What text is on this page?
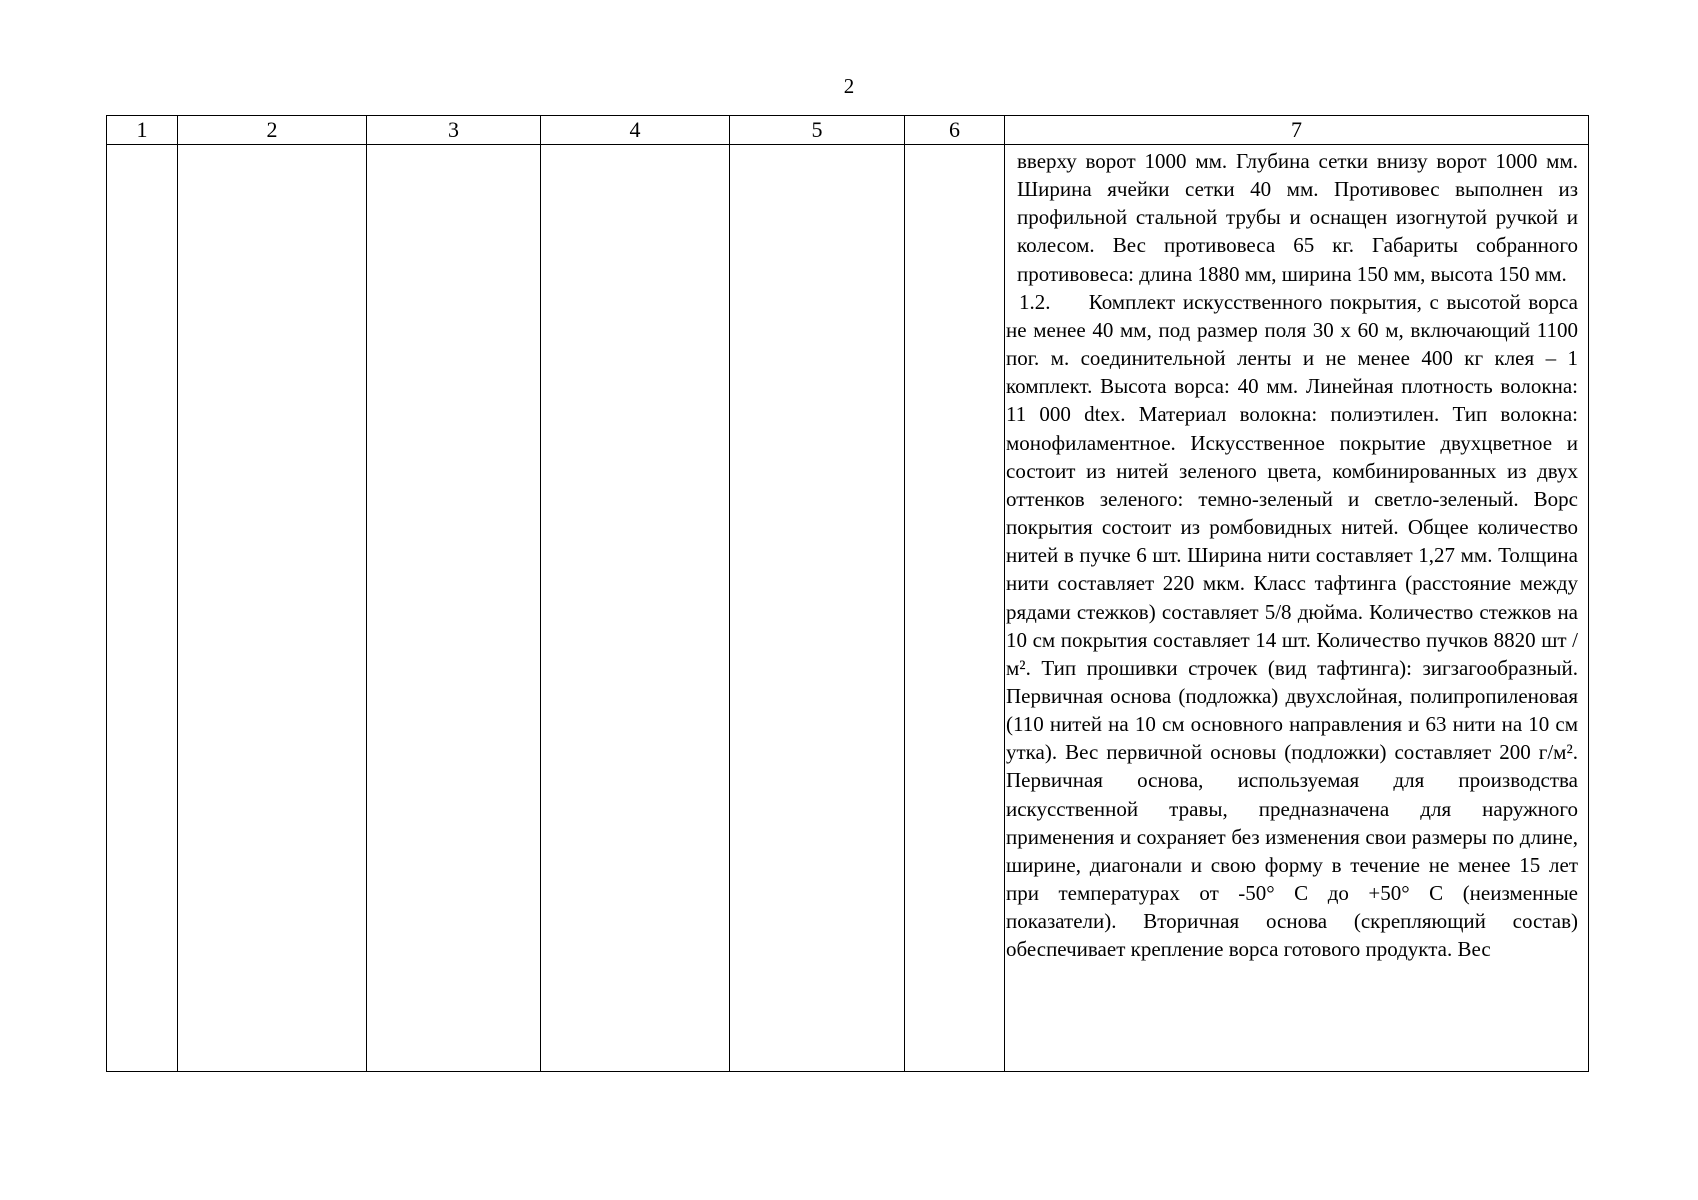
2
1	2	3	4	5	6	7

						вверху ворот 1000 мм. Глубина сетки внизу ворот 1000 мм. Ширина ячейки сетки 40 мм. Противовес выполнен из профильной стальной трубы и оснащен изогнутой ручкой и колесом. Вес противовеса 65 кг. Габариты собранного противовеса: длина 1880 мм, ширина 150 мм, высота 150 мм.

1.2. Комплект искусственного покрытия, с высотой ворса не менее 40 мм, под размер поля 30 х 60 м, включающий 1100 пог. м. соединительной ленты и не менее 400 кг клея – 1 комплект. Высота ворса: 40 мм. Линейная плотность волокна: 11 000 dtex. Материал волокна: полиэтилен. Тип волокна: монофиламентное. Искусственное покрытие двухцветное и состоит из нитей зеленого цвета, комбинированных из двух оттенков зеленого: темно-зеленый и светло-зеленый. Ворс покрытия состоит из ромбовидных нитей. Общее количество нитей в пучке 6 шт. Ширина нити составляет 1,27 мм. Толщина нити составляет 220 мкм. Класс тафтинга (расстояние между рядами стежков) составляет 5/8 дюйма. Количество стежков на 10 см покрытия составляет 14 шт. Количество пучков 8820 шт /м². Тип прошивки строчек (вид тафтинга): зигзагообразный. Первичная основа (подложка) двухслойная, полипропиленовая (110 нитей на 10 см основного направления и 63 нити на 10 см утка). Вес первичной основы (подложки) составляет 200 г/м². Первичная основа, используемая для производства искусственной травы, предназначена для наружного применения и сохраняет без изменения свои размеры по длине, ширине, диагонали и свою форму в течение не менее 15 лет при температурах от -50° С до +50° С (неизменные показатели). Вторичная основа (скрепляющий состав) обеспечивает крепление ворса готового продукта. Вес
